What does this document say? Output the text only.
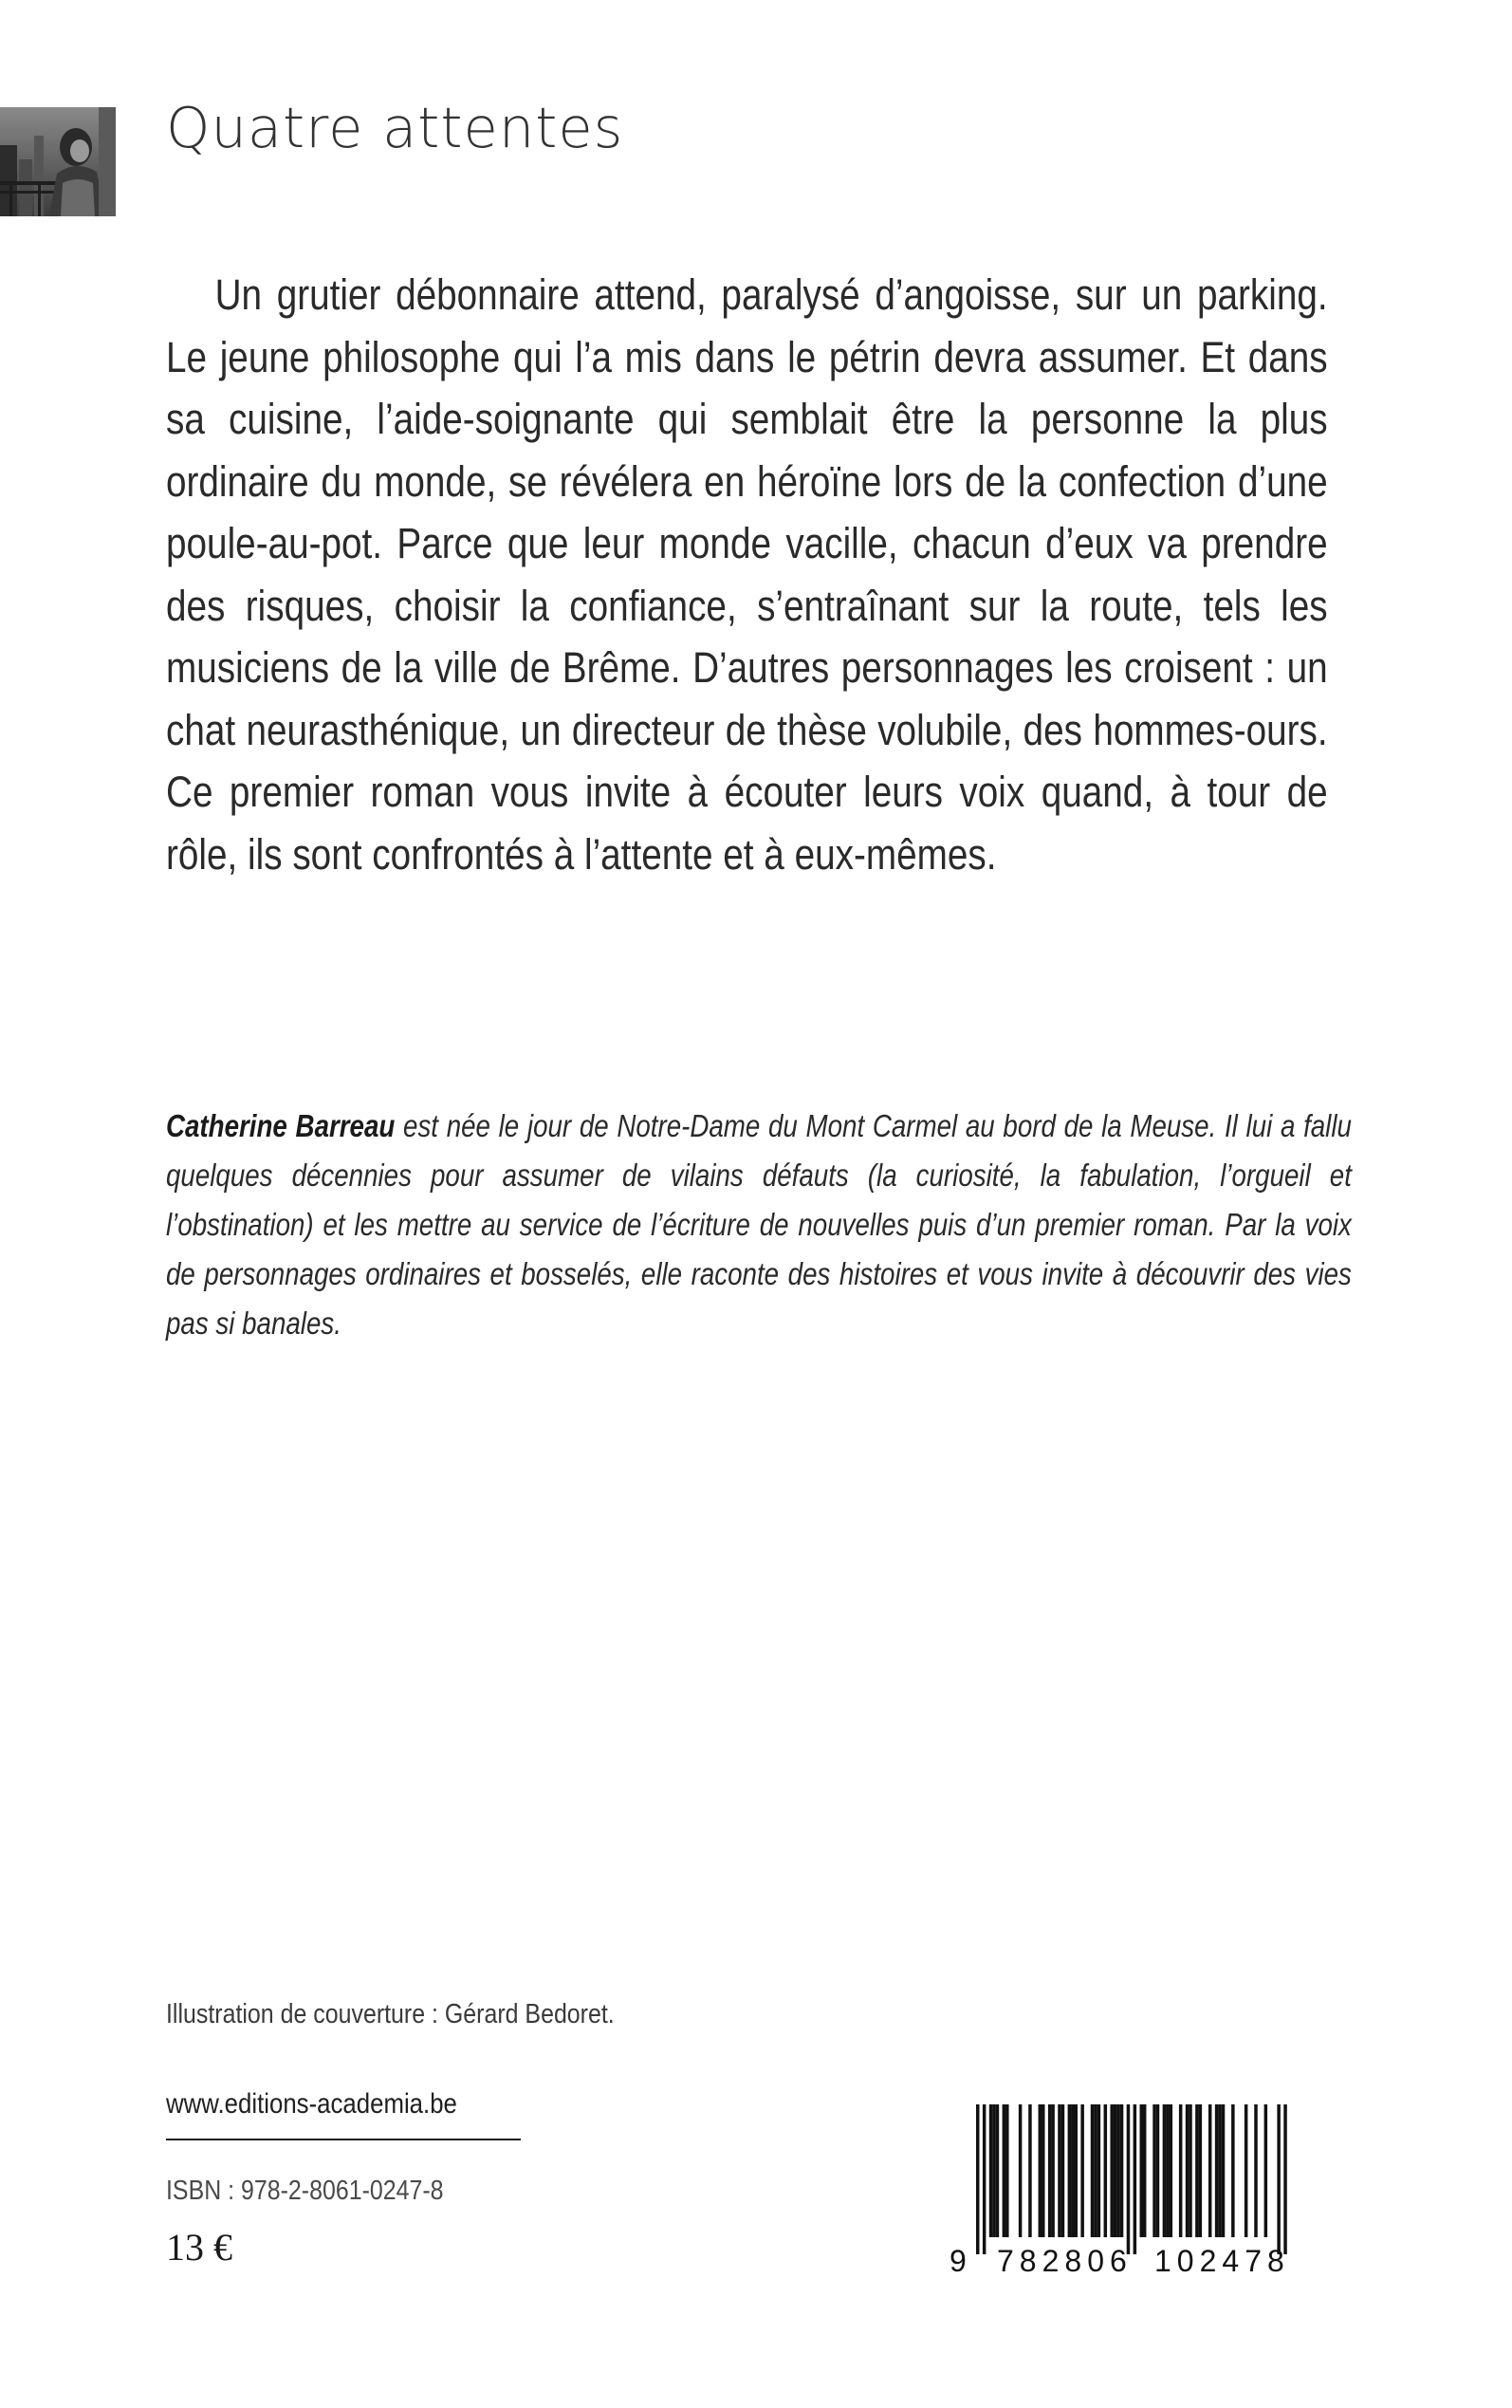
Quatre attentes

Un grutier débonnaire attend, paralysé d’angoisse, sur un parking. Le jeune philosophe qui l’a mis dans le pétrin devra assumer. Et dans sa cuisine, l’aide-soignante qui semblait être la personne la plus ordinaire du monde, se révélera en héroïne lors de la confection d’une poule-au-pot. Parce que leur monde vacille, chacun d’eux va prendre des risques, choisir la confiance, s’entraînant sur la route, tels les musiciens de la ville de Brême. D’autres personnages les croisent : un chat neurasthénique, un directeur de thèse volubile, des hommes-ours. Ce premier roman vous invite à écouter leurs voix quand, à tour de rôle, ils sont confrontés à l’attente et à eux-mêmes.

Catherine Barreau est née le jour de Notre-Dame du Mont Carmel au bord de la Meuse. Il lui a fallu quelques décennies pour assumer de vilains défauts (la curiosité, la fabulation, l’orgueil et l’obstination) et les mettre au service de l’écriture de nouvelles puis d’un premier roman. Par la voix de personnages ordinaires et bosselés, elle raconte des histoires et vous invite à découvrir des vies pas si banales.

Illustration de couverture : Gérard Bedoret.
www.editions-academia.be
ISBN : 978-2-8061-0247-8
13 €	9 782806 102478
